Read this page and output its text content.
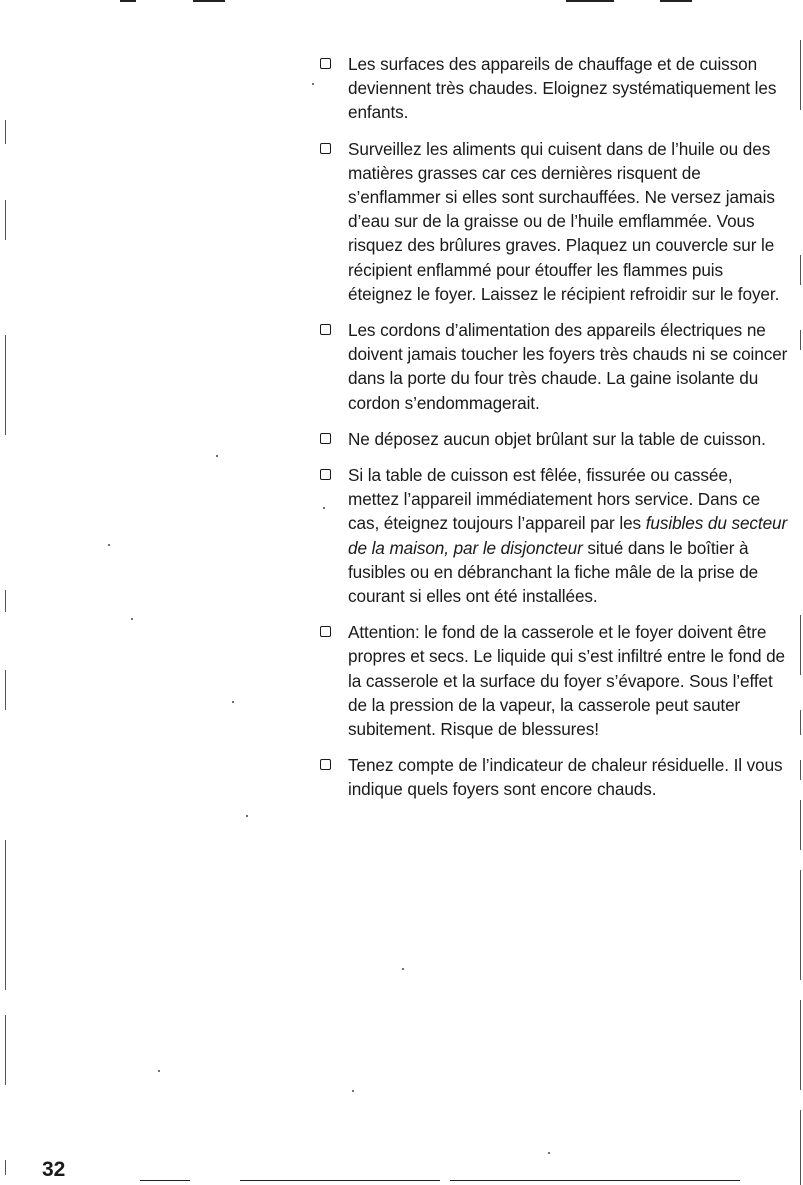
Les surfaces des appareils de chauffage et de cuisson deviennent très chaudes. Eloignez systématiquement les enfants.
Surveillez les aliments qui cuisent dans de l’huile ou des matières grasses car ces dernières risquent de s’enflammer si elles sont surchauffées. Ne versez jamais d’eau sur de la graisse ou de l’huile emflammée. Vous risquez des brûlures graves. Plaquez un couvercle sur le récipient enflammé pour étouffer les flammes puis éteignez le foyer. Laissez le récipient refroidir sur le foyer.
Les cordons d’alimentation des appareils électriques ne doivent jamais toucher les foyers très chauds ni se coincer dans la porte du four très chaude. La gaine isolante du cordon s’endommagerait.
Ne déposez aucun objet brûlant sur la table de cuisson.
Si la table de cuisson est fêlée, fissurée ou cassée, mettez l’appareil immédiatement hors service. Dans ce cas, éteignez toujours l’appareil par les fusibles du secteur de la maison, par le disjoncteur situé dans le boîtier à fusibles ou en débranchant la fiche mâle de la prise de courant si elles ont été installées.
Attention: le fond de la casserole et le foyer doivent être propres et secs. Le liquide qui s’est infiltré entre le fond de la casserole et la surface du foyer s’évapore. Sous l’effet de la pression de la vapeur, la casserole peut sauter subitement. Risque de blessures!
Tenez compte de l’indicateur de chaleur résiduelle. Il vous indique quels foyers sont encore chauds.
32
